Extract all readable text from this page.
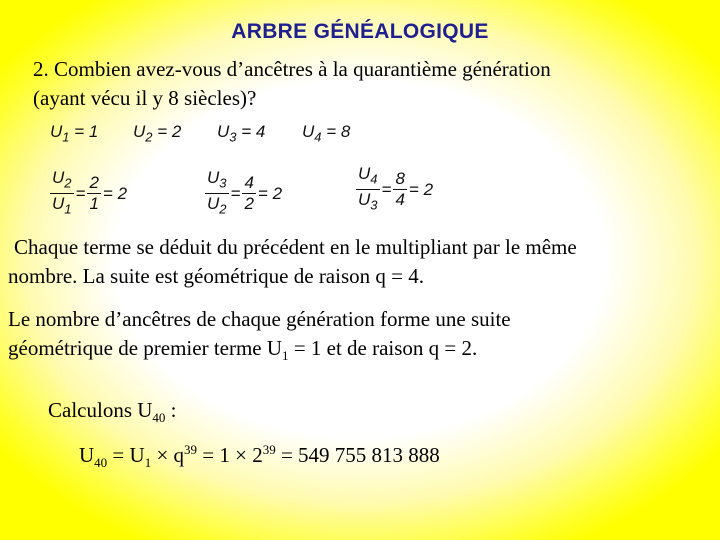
ARBRE GÉNÉALOGIQUE
2. Combien avez-vous d’ancêtres à la quarantième génération
(ayant vécu il y 8 siècles)?
$U_1 = 1$ $U_2 = 2$ $U_3 = 4$ $U_4 = 8$
$\frac{U_2}{U_1} = \frac{2}{1} = 2$	$\frac{U_3}{U_2} = \frac{4}{2} = 2$	$\frac{U_4}{U_3} = \frac{8}{4} = 2$
Chaque terme se déduit du précédent en le multipliant par le même
nombre. La suite est géométrique de raison q = 4.
Le nombre d’ancêtres de chaque génération forme une suite
géométrique de premier terme $U_1 = 1$ et de raison q = 2.
Calculons $U_{40}$ :
$U_{40} = U_1 \times q^{39} = 1 \times 2^{39} = 549$ 755 813 888
